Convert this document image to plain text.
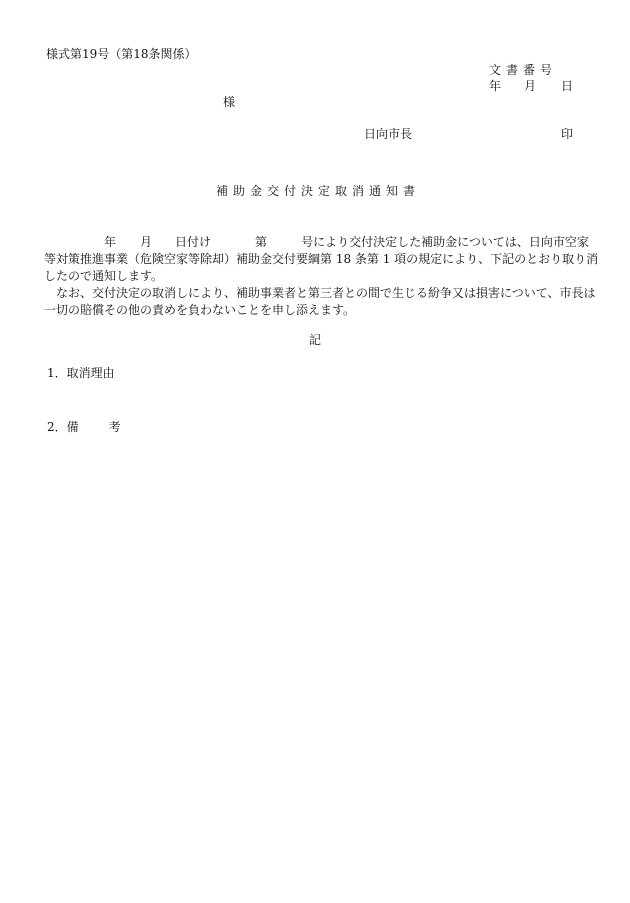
様式第19号（第18条関係）
文書番号
年 月 日
様
日向市長	印
補助金交付決定取消通知書
年 月 日付け	第	号により交付決定した補助金については、日向市空家
等対策推進事業（危険空家等除却）補助金交付要綱第 18 条第 1 項の規定により、下記のとおり取り消
したので通知します。
　なお、交付決定の取消しにより、補助事業者と第三者との間で生じる紛争又は損害について、市長は
一切の賠償その他の責めを負わないことを申し添えます。
記
1．取消理由
2．備	考
